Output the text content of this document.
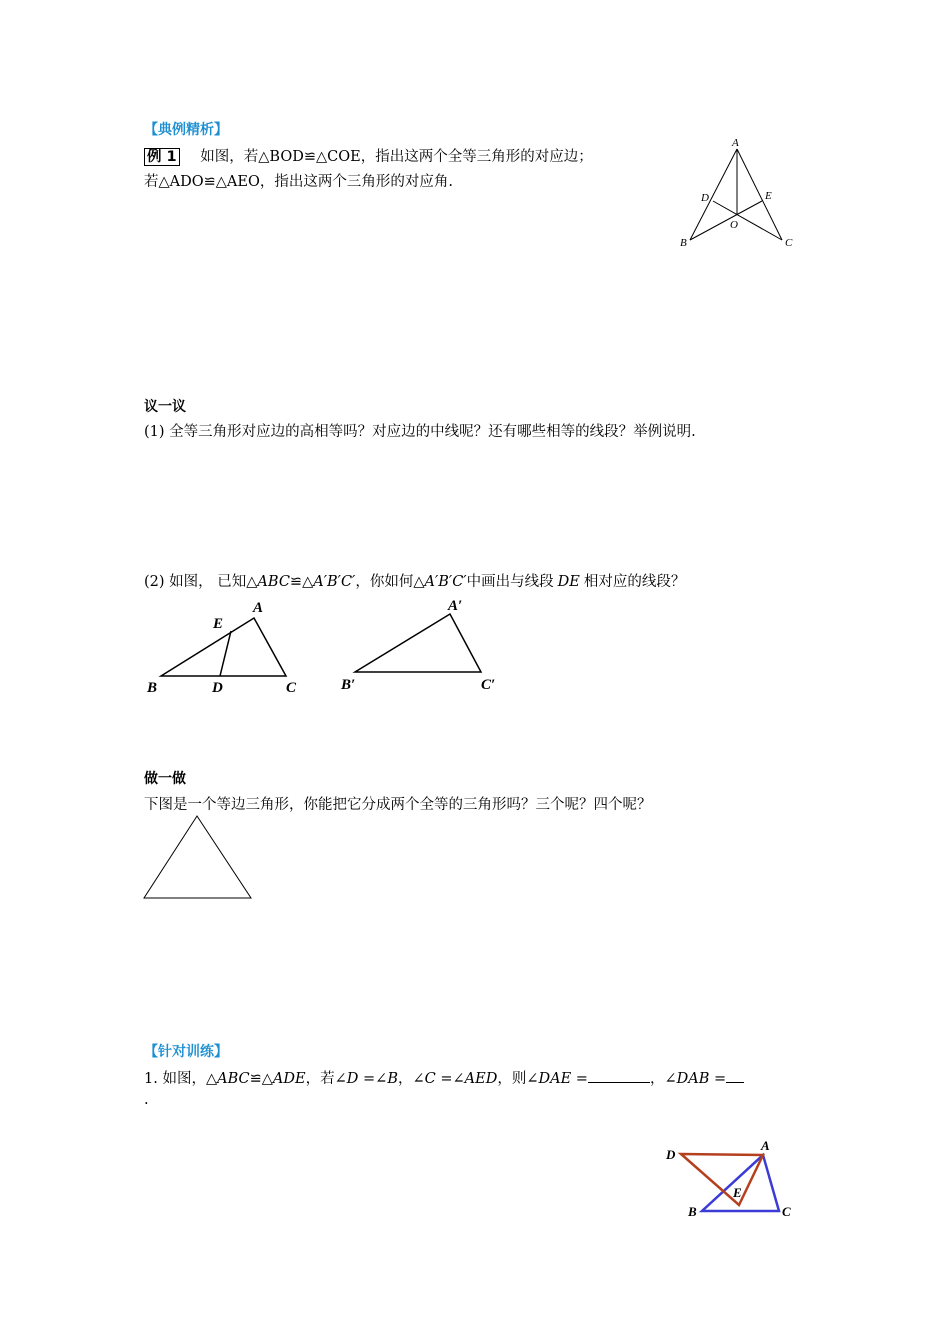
【典例精析】
例 1 如图，若△BOD≌△COE，指出这两个全等三角形的对应边；
若△ADO≌△AEO，指出这两个三角形的对应角.
A
B	C
D	E
O
议一议
(1) 全等三角形对应边的高相等吗？对应边的中线呢？还有哪些相等的线段？举例说明.
(2) 如图， 已知△ABC≌△A′B′C′，你如何△A′B′C′中画出与线段 DE 相对应的线段？
A
B	C
D
E
A′
B′	C′
做一做
下图是一个等边三角形，你能把它分成两个全等的三角形吗？三个呢？四个呢？
【针对训练】
1. 如图，△ABC≌△ADE，若∠D =∠B，∠C =∠AED，则∠DAE =	，∠DAB =
.
A
B	C
D
E
